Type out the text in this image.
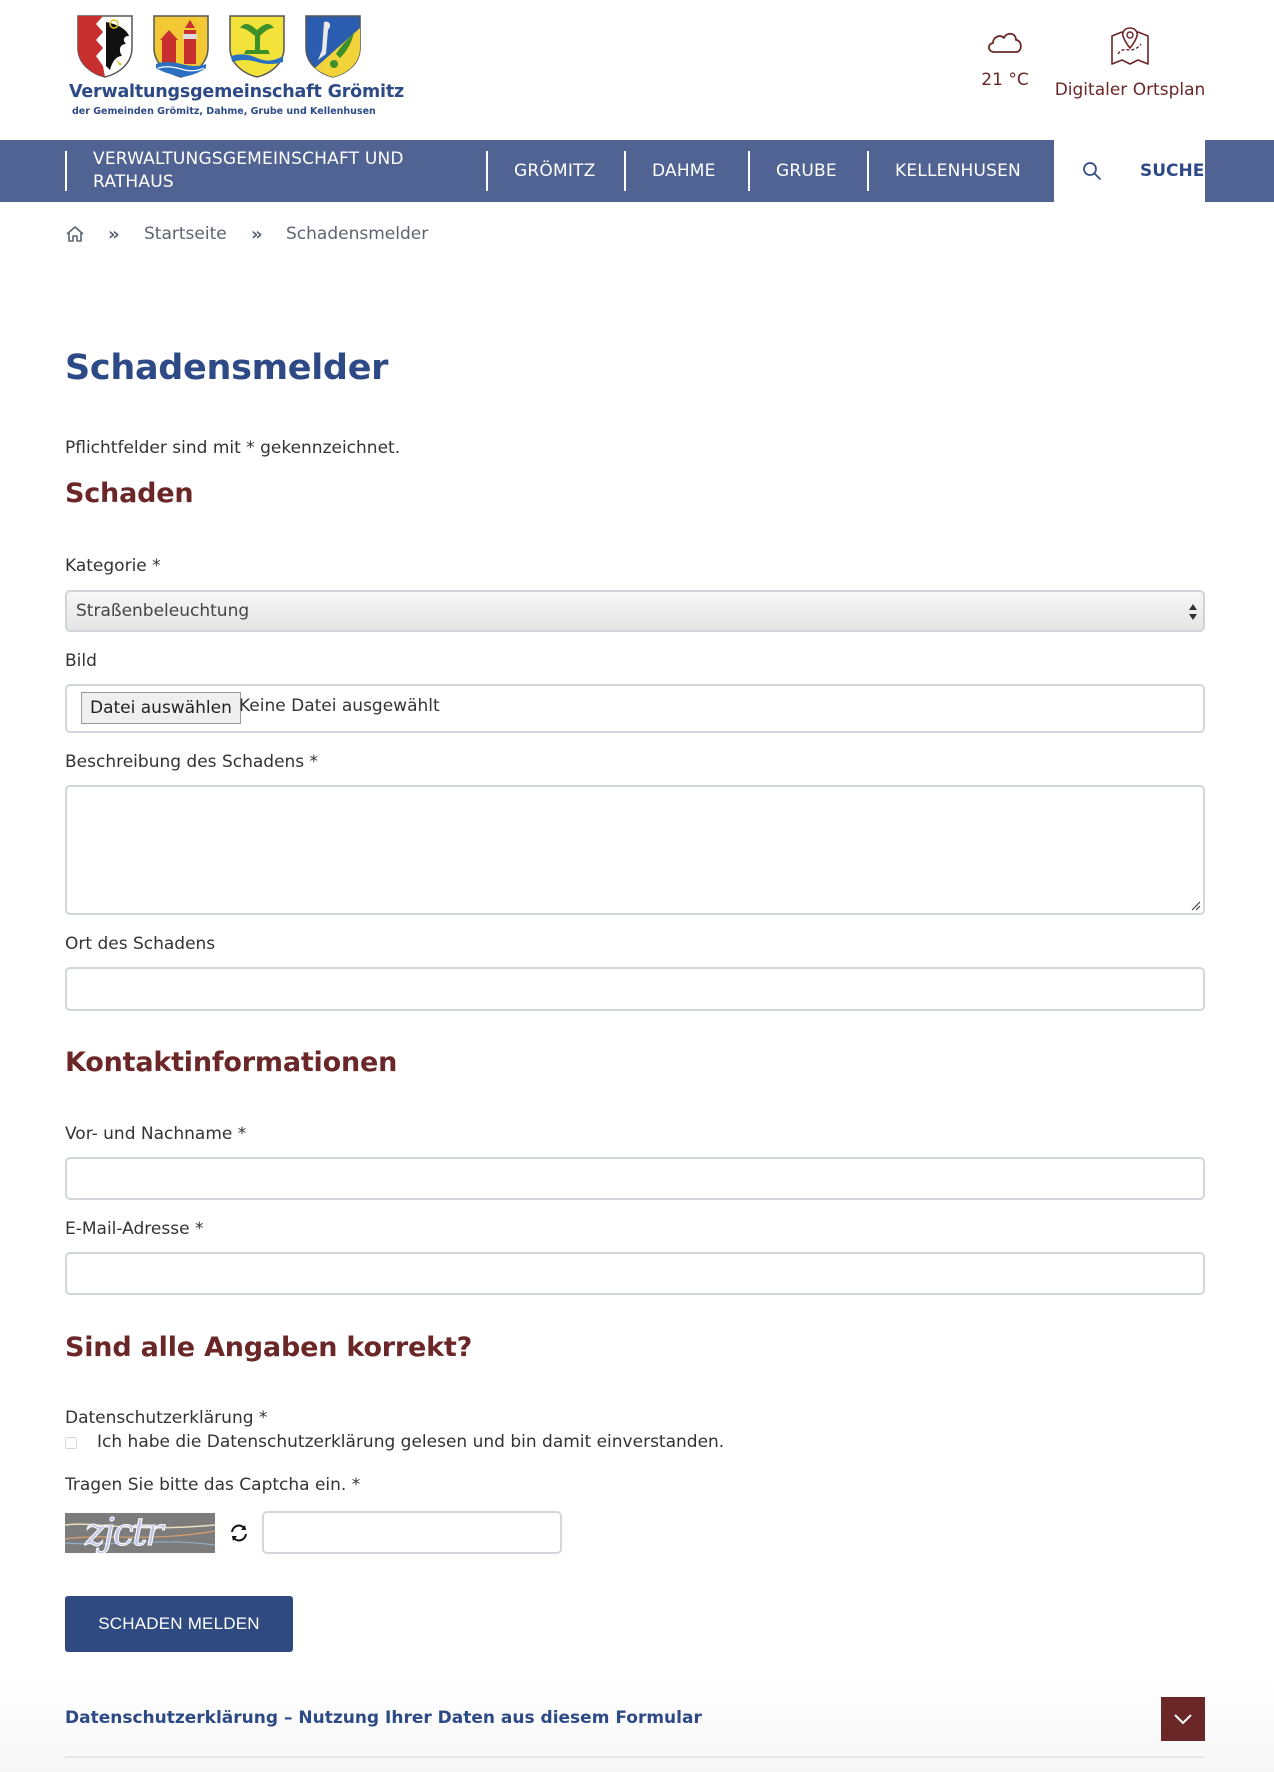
Verwaltungsgemeinschaft Grömitz
der Gemeinden Grömitz, Dahme, Grube und Kellenhusen
21 °C	Digitaler Ortsplan
VERWALTUNGSGEMEINSCHAFT UND
RATHAUS
GRÖMITZ	DAHME	GRUBE	KELLENHUSEN	SUCHE
» Startseite » Schadensmelder
Schadensmelder

Pflichtfelder sind mit * gekennzeichnet.

Schaden
Kategorie *
Straßenbeleuchtung
Bild
Datei auswählen Keine Datei ausgewählt
Beschreibung des Schadens *
Ort des Schadens
Kontaktinformationen
Vor- und Nachname *
E-Mail-Adresse *
Sind alle Angaben korrekt?
Datenschutzerklärung *
Ich habe die Datenschutzerklärung gelesen und bin damit einverstanden.
Tragen Sie bitte das Captcha ein. *
zjctr
SCHADEN MELDEN
Datenschutzerklärung – Nutzung Ihrer Daten aus diesem Formular
